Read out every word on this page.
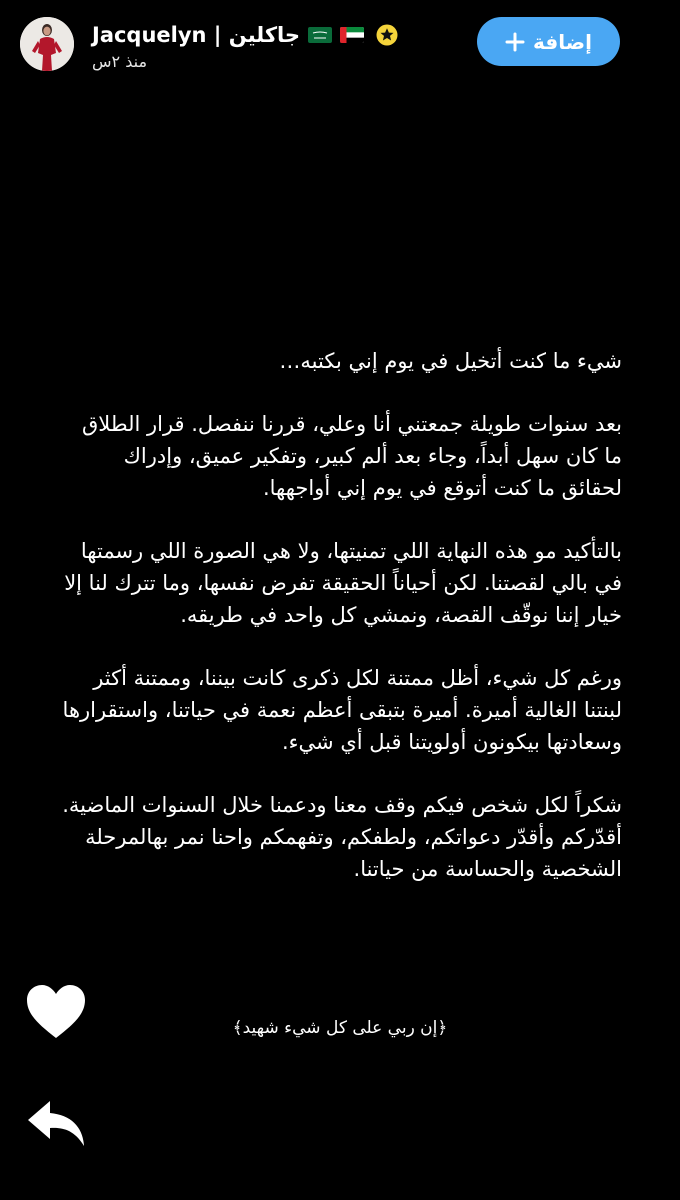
Jacquelyn | جاكلين
منذ ٢س
إضافة

شيء ما كنت أتخيل في يوم إني بكتبه…

بعد سنوات طويلة جمعتني أنا وعلي، قررنا ننفصل. قرار الطلاق ما كان سهل أبداً، وجاء بعد ألم كبير، وتفكير عميق، وإدراك لحقائق ما كنت أتوقع في يوم إني أواجهها.

بالتأكيد مو هذه النهاية اللي تمنيتها، ولا هي الصورة اللي رسمتها في بالي لقصتنا. لكن أحياناً الحقيقة تفرض نفسها، وما تترك لنا إلا خيار إننا نوقّف القصة، ونمشي كل واحد في طريقه.

ورغم كل شيء، أظل ممتنة لكل ذكرى كانت بيننا، وممتنة أكثر لبنتنا الغالية أميرة. أميرة بتبقى أعظم نعمة في حياتنا، واستقرارها وسعادتها بيكونون أولويتنا قبل أي شيء.

شكراً لكل شخص فيكم وقف معنا ودعمنا خلال السنوات الماضية. أقدّركم وأقدّر دعواتكم، ولطفكم، وتفهمكم واحنا نمر بهالمرحلة الشخصية والحساسة من حياتنا.

﴿إن ربي على كل شيء شهيد﴾
